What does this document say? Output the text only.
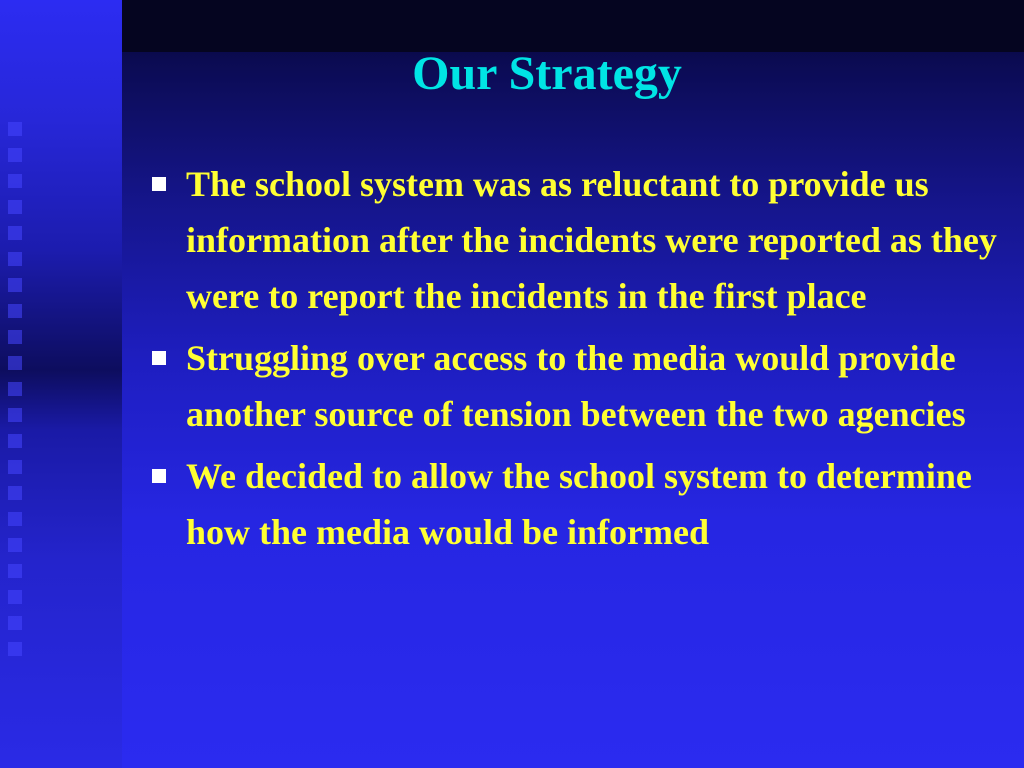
Our Strategy
The school system was as reluctant to provide us information after the incidents were reported as they were to report the incidents in the first place
Struggling over access to the media would provide another source of tension between the two agencies
We decided to allow the school system to determine how the media would be informed
